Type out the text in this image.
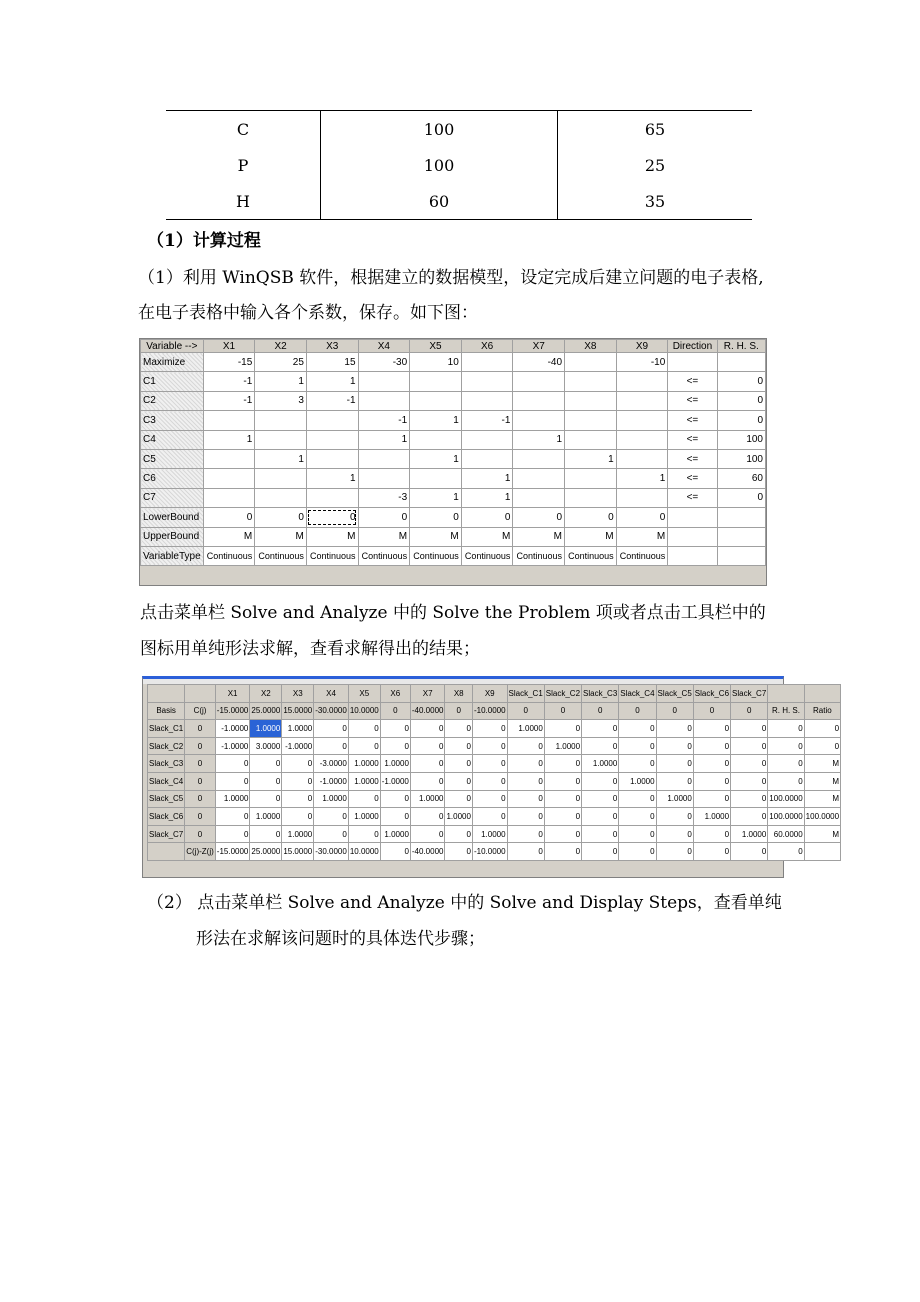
C	100	65
P	100	25
H	60	35
（1）计算过程
（1）利用 WinQSB 软件，根据建立的数据模型，设定完成后建立问题的电子表格,
在电子表格中输入各个系数，保存。如下图：
Variable -->	X1	X2	X3	X4	X5	X6	X7	X8	X9	Direction	R. H. S.
Maximize	-15	25	15	-30	10		-40		-10		
C1	-1	1	1							<=	0
C2	-1	3	-1							<=	0
C3				-1	1	-1				<=	0
C4	1			1			1			<=	100
C5		1			1			1		<=	100
C6			1			1			1	<=	60
C7				-3	1	1				<=	0
LowerBound	0	0	0	0	0	0	0	0	0		
UpperBound	M	M	M	M	M	M	M	M	M		
VariableType	Continuous	Continuous	Continuous	Continuous	Continuous	Continuous	Continuous	Continuous	Continuous		
点击菜单栏 Solve and Analyze 中的 Solve the Problem 项或者点击工具栏中的
图标用单纯形法求解，查看求解得出的结果；
		X1	X2	X3	X4	X5	X6	X7	X8	X9	Slack_C1	Slack_C2	Slack_C3	Slack_C4	Slack_C5	Slack_C6	Slack_C7		
Basis	C(j)	-15.0000	25.0000	15.0000	-30.0000	10.0000	0	-40.0000	0	-10.0000	0	0	0	0	0	0	0	R. H. S.	Ratio
Slack_C1	0	-1.0000	1.0000	1.0000	0	0	0	0	0	0	1.0000	0	0	0	0	0	0	0	0
Slack_C2	0	-1.0000	3.0000	-1.0000	0	0	0	0	0	0	0	1.0000	0	0	0	0	0	0	0
Slack_C3	0	0	0	0	-3.0000	1.0000	1.0000	0	0	0	0	0	1.0000	0	0	0	0	0	M
Slack_C4	0	0	0	0	-1.0000	1.0000	-1.0000	0	0	0	0	0	0	1.0000	0	0	0	0	M
Slack_C5	0	1.0000	0	0	1.0000	0	0	1.0000	0	0	0	0	0	0	1.0000	0	0	100.0000	M
Slack_C6	0	0	1.0000	0	0	1.0000	0	0	1.0000	0	0	0	0	0	0	1.0000	0	100.0000	100.0000
Slack_C7	0	0	0	1.0000	0	0	1.0000	0	0	1.0000	0	0	0	0	0	0	1.0000	60.0000	M
	C(j)-Z(j)	-15.0000	25.0000	15.0000	-30.0000	10.0000	0	-40.0000	0	-10.0000	0	0	0	0	0	0	0	0	
（2） 点击菜单栏 Solve and Analyze 中的 Solve and Display Steps，查看单纯
形法在求解该问题时的具体迭代步骤；
